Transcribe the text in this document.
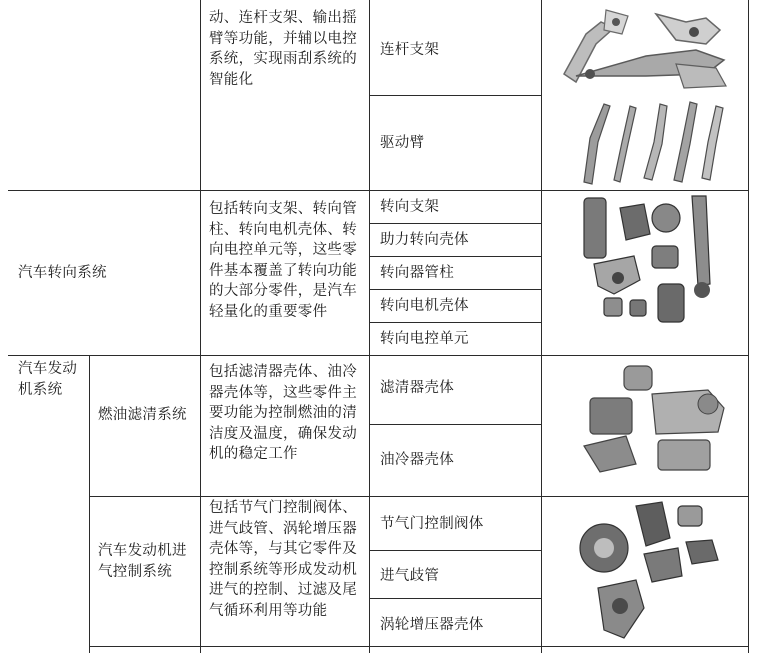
动、连杆支架、输出摇臂等功能，并辅以电控系统，实现雨刮系统的智能化
连杆支架
驱动臂
汽车转向系统
包括转向支架、转向管柱、转向电机壳体、转向电控单元等，这些零件基本覆盖了转向功能的大部分零件，是汽车轻量化的重要零件
转向支架
助力转向壳体
转向器管柱
转向电机壳体
转向电控单元
汽车发动机系统
燃油滤清系统
包括滤清器壳体、油冷器壳体等，这些零件主要功能为控制燃油的清洁度及温度，确保发动机的稳定工作
滤清器壳体
油冷器壳体
汽车发动机进气控制系统
包括节气门控制阀体、进气歧管、涡轮增压器壳体等，与其它零件及控制系统等形成发动机进气的控制、过滤及尾气循环利用等功能
节气门控制阀体
进气歧管
涡轮增压器壳体
